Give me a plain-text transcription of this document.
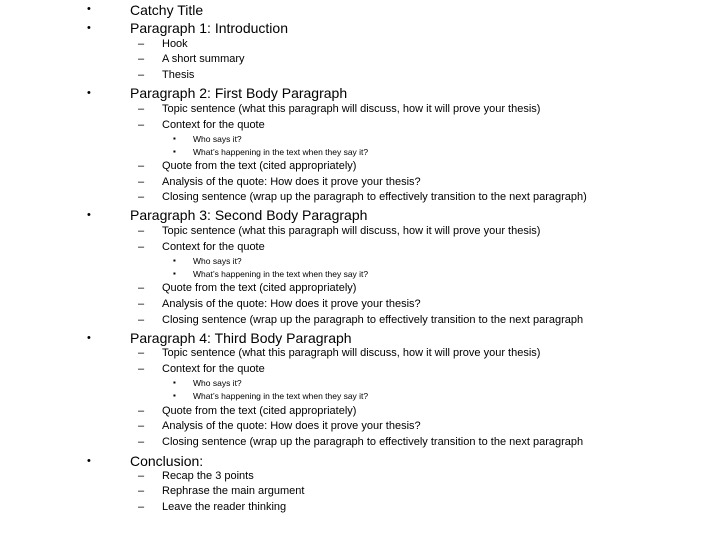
•	Catchy Title
•	Paragraph 1: Introduction
– Hook
– A short summary
– Thesis
•	Paragraph 2: First Body Paragraph
– Topic sentence (what this paragraph will discuss, how it will prove your thesis)
– Context for the quote
▪ Who says it?
▪ What’s happening in the text when they say it?
– Quote from the text (cited appropriately)
– Analysis of the quote: How does it prove your thesis?
– Closing sentence (wrap up the paragraph to effectively transition to the next paragraph)
•	Paragraph 3: Second Body Paragraph
– Topic sentence (what this paragraph will discuss, how it will prove your thesis)
– Context for the quote
▪ Who says it?
▪ What’s happening in the text when they say it?
– Quote from the text (cited appropriately)
– Analysis of the quote: How does it prove your thesis?
– Closing sentence (wrap up the paragraph to effectively transition to the next paragraph
•	Paragraph 4: Third Body Paragraph
– Topic sentence (what this paragraph will discuss, how it will prove your thesis)
– Context for the quote
▪ Who says it?
▪ What’s happening in the text when they say it?
– Quote from the text (cited appropriately)
– Analysis of the quote: How does it prove your thesis?
– Closing sentence (wrap up the paragraph to effectively transition to the next paragraph
•	Conclusion:
– Recap the 3 points
– Rephrase the main argument
– Leave the reader thinking
